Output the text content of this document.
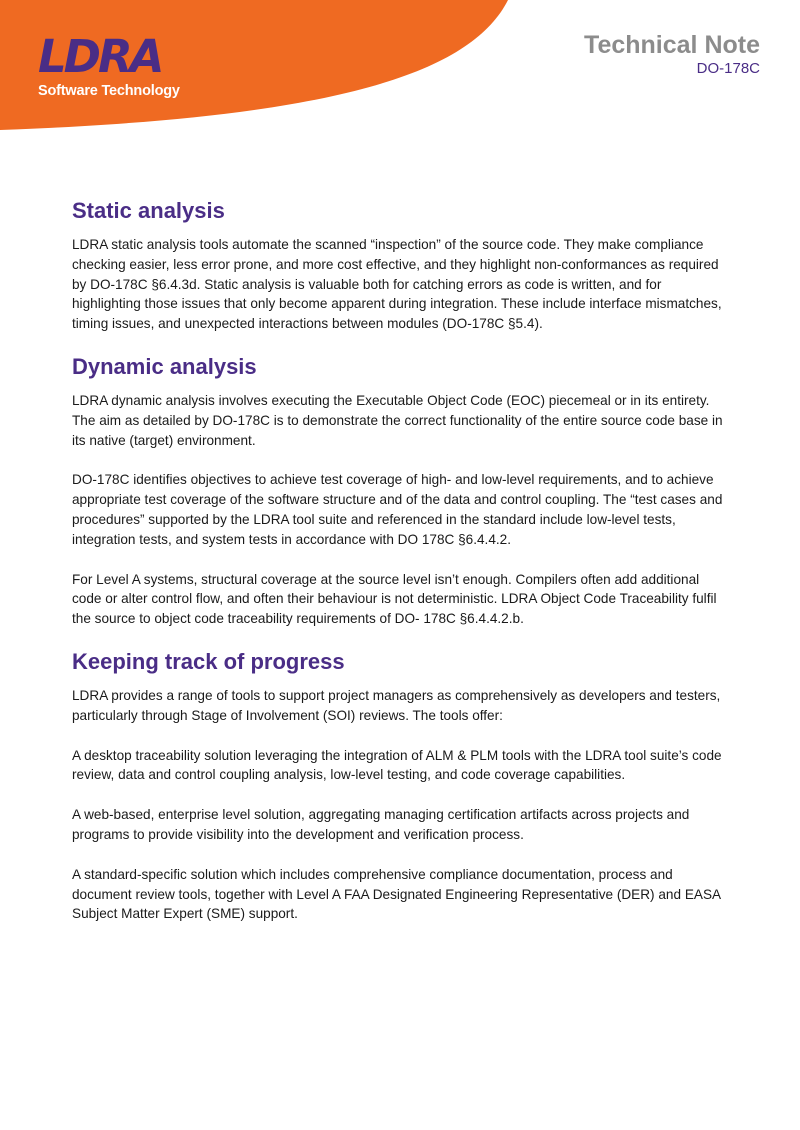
LDRA
Software Technology
Technical Note
DO-178C
Static analysis

LDRA static analysis tools automate the scanned “inspection” of the source code. They make compliance checking easier, less error prone, and more cost effective, and they highlight non-conformances as required by DO-178C §6.4.3d. Static analysis is valuable both for catching errors as code is written, and for highlighting those issues that only become apparent during integration. These include interface mismatches, timing issues, and unexpected interactions between modules (DO-178C §5.4).

Dynamic analysis

LDRA dynamic analysis involves executing the Executable Object Code (EOC) piecemeal or in its entirety. The aim as detailed by DO-178C is to demonstrate the correct functionality of the entire source code base in its native (target) environment.

DO-178C identifies objectives to achieve test coverage of high- and low-level requirements, and to achieve appropriate test coverage of the software structure and of the data and control coupling. The “test cases and procedures” supported by the LDRA tool suite and referenced in the standard include low-level tests, integration tests, and system tests in accordance with DO 178C §6.4.4.2.

For Level A systems, structural coverage at the source level isn’t enough. Compilers often add additional code or alter control flow, and often their behaviour is not deterministic. LDRA Object Code Traceability fulfil the source to object code traceability requirements of DO- 178C §6.4.4.2.b.

Keeping track of progress

LDRA provides a range of tools to support project managers as comprehensively as developers and testers, particularly through Stage of Involvement (SOI) reviews. The tools offer:

A desktop traceability solution leveraging the integration of ALM & PLM tools with the LDRA tool suite’s code review, data and control coupling analysis, low-level testing, and code coverage capabilities.

A web-based, enterprise level solution, aggregating managing certification artifacts across projects and programs to provide visibility into the development and verification process.

A standard-specific solution which includes comprehensive compliance documentation, process and document review tools, together with Level A FAA Designated Engineering Representative (DER) and EASA Subject Matter Expert (SME) support.
